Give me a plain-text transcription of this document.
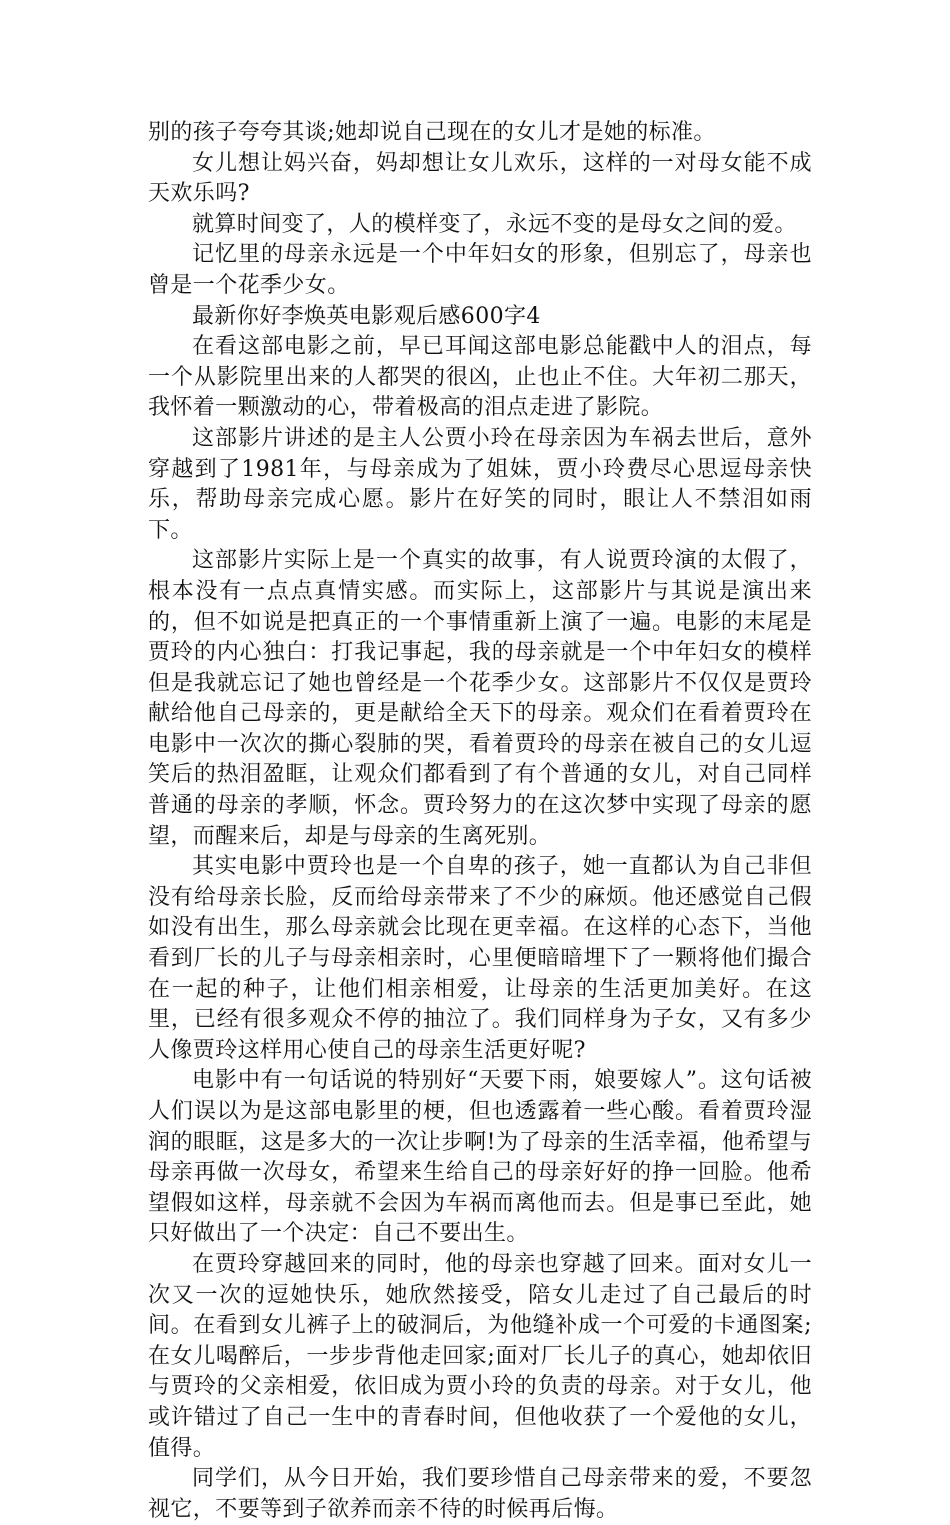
别的孩子夸夸其谈;她却说自己现在的女儿才是她的标准。

女儿想让妈兴奋，妈却想让女儿欢乐，这样的一对母女能不成天欢乐吗?

就算时间变了，人的模样变了，永远不变的是母女之间的爱。

记忆里的母亲永远是一个中年妇女的形象，但别忘了，母亲也曾是一个花季少女。

最新你好李焕英电影观后感600字4

在看这部电影之前，早已耳闻这部电影总能戳中人的泪点，每一个从影院里出来的人都哭的很凶，止也止不住。大年初二那天，我怀着一颗激动的心，带着极高的泪点走进了影院。

这部影片讲述的是主人公贾小玲在母亲因为车祸去世后，意外穿越到了1981年，与母亲成为了姐妹，贾小玲费尽心思逗母亲快乐，帮助母亲完成心愿。影片在好笑的同时，眼让人不禁泪如雨下。

这部影片实际上是一个真实的故事，有人说贾玲演的太假了，根本没有一点点真情实感。而实际上，这部影片与其说是演出来的，但不如说是把真正的一个事情重新上演了一遍。电影的末尾是贾玲的内心独白：打我记事起，我的母亲就是一个中年妇女的模样但是我就忘记了她也曾经是一个花季少女。这部影片不仅仅是贾玲献给他自己母亲的，更是献给全天下的母亲。观众们在看着贾玲在电影中一次次的撕心裂肺的哭，看着贾玲的母亲在被自己的女儿逗笑后的热泪盈眶，让观众们都看到了有个普通的女儿，对自己同样普通的母亲的孝顺，怀念。贾玲努力的在这次梦中实现了母亲的愿望，而醒来后，却是与母亲的生离死别。

其实电影中贾玲也是一个自卑的孩子，她一直都认为自己非但没有给母亲长脸，反而给母亲带来了不少的麻烦。他还感觉自己假如没有出生，那么母亲就会比现在更幸福。在这样的心态下，当他看到厂长的儿子与母亲相亲时，心里便暗暗埋下了一颗将他们撮合在一起的种子，让他们相亲相爱，让母亲的生活更加美好。在这里，已经有很多观众不停的抽泣了。我们同样身为子女，又有多少人像贾玲这样用心使自己的母亲生活更好呢?

电影中有一句话说的特别好“天要下雨，娘要嫁人”。这句话被人们误以为是这部电影里的梗，但也透露着一些心酸。看着贾玲湿润的眼眶，这是多大的一次让步啊!为了母亲的生活幸福，他希望与母亲再做一次母女，希望来生给自己的母亲好好的挣一回脸。他希望假如这样，母亲就不会因为车祸而离他而去。但是事已至此，她只好做出了一个决定：自己不要出生。

在贾玲穿越回来的同时，他的母亲也穿越了回来。面对女儿一次又一次的逗她快乐，她欣然接受，陪女儿走过了自己最后的时间。在看到女儿裤子上的破洞后，为他缝补成一个可爱的卡通图案;在女儿喝醉后，一步步背他走回家;面对厂长儿子的真心，她却依旧与贾玲的父亲相爱，依旧成为贾小玲的负责的母亲。对于女儿，他或许错过了自己一生中的青春时间，但他收获了一个爱他的女儿，值得。

同学们，从今日开始，我们要珍惜自己母亲带来的爱，不要忽视它，不要等到子欲养而亲不待的时候再后悔。
